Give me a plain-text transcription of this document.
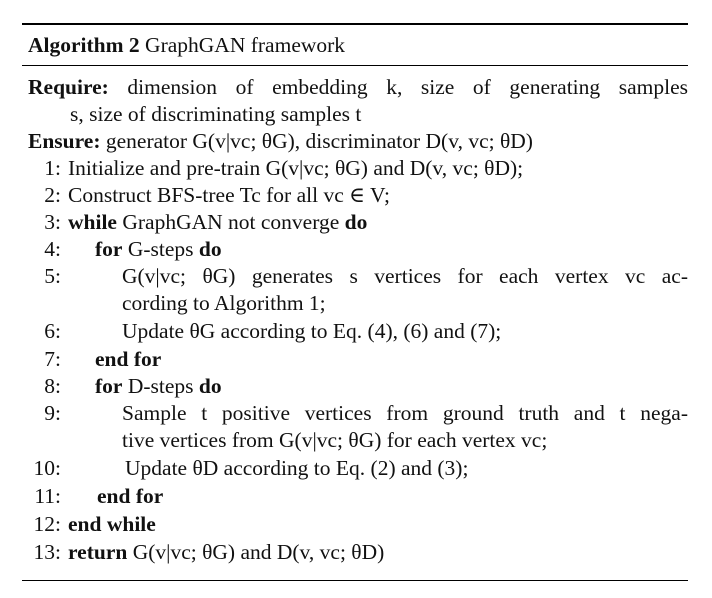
Algorithm 2 GraphGAN framework
Require: dimension of embedding k, size of generating samples
s, size of discriminating samples t
Ensure: generator G(v|vc; θG), discriminator D(v, vc; θD)
1: Initialize and pre-train G(v|vc; θG) and D(v, vc; θD);
2: Construct BFS-tree Tc for all vc ∈ V;
3: while GraphGAN not converge do
4: for G-steps do
5:	G(v|vc; θG) generates s vertices for each vertex vc ac-
cording to Algorithm 1;
6:	Update θG according to Eq. (4), (6) and (7);
7: end for
8: for D-steps do
9:	Sample t positive vertices from ground truth and t nega-
tive vertices from G(v|vc; θG) for each vertex vc;
10:	Update θD according to Eq. (2) and (3);
11: end for
12: end while
13: return G(v|vc; θG) and D(v, vc; θD)
